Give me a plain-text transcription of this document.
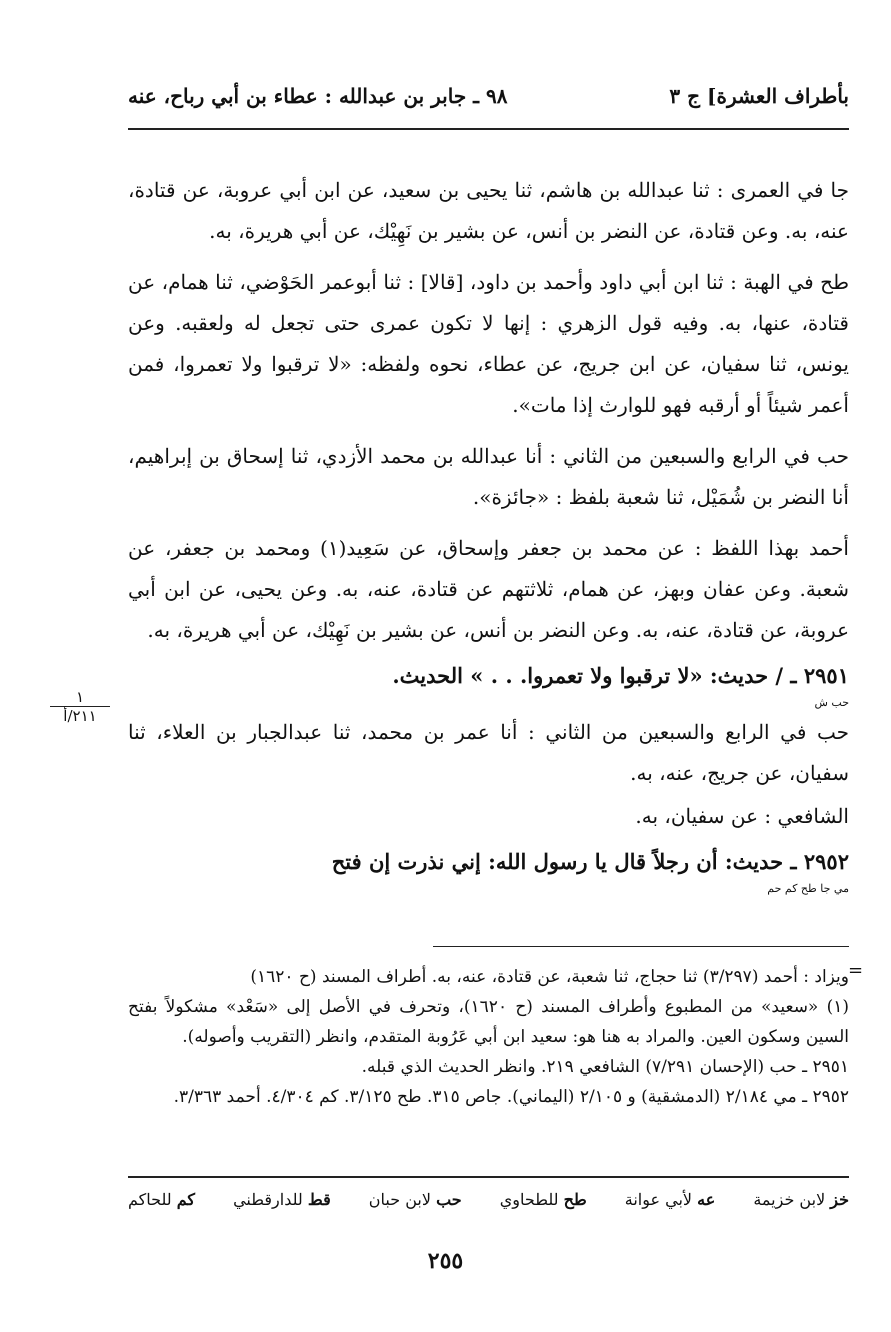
بأطراف العشرة] ج ٣
٩٨ ـ جابر بن عبدالله : عطاء بن أبي رباح، عنه

جا في العمرى : ثنا عبدالله بن هاشم، ثنا يحيى بن سعيد، عن ابن أبي عروبة، عن قتادة، عنه، به. وعن قتادة، عن النضر بن أنس، عن بشير بن نَهِيْك، عن أبي هريرة، به.

طح في الهبة : ثنا ابن أبي داود وأحمد بن داود، [قالا] : ثنا أبوعمر الحَوْضي، ثنا همام، عن قتادة، عنها، به. وفيه قول الزهري : إنها لا تكون عمرى حتى تجعل له ولعقبه. وعن يونس، ثنا سفيان، عن ابن جريج، عن عطاء، نحوه ولفظه: «لا ترقبوا ولا تعمروا، فمن أعمر شيئاً أو أرقبه فهو للوارث إذا مات».

حب في الرابع والسبعين من الثاني : أنا عبدالله بن محمد الأزدي، ثنا إسحاق بن إبراهيم، أنا النضر بن شُمَيْل، ثنا شعبة بلفظ : «جائزة».

أحمد بهذا اللفظ : عن محمد بن جعفر وإسحاق، عن سَعِيد(١) ومحمد بن جعفر، عن شعبة. وعن عفان وبهز، عن همام، ثلاثتهم عن قتادة، عنه، به. وعن يحيى، عن ابن أبي عروبة، عن قتادة، عنه، به. وعن النضر بن أنس، عن بشير بن نَهِيْك، عن أبي هريرة، به.

٢٩٥١ ـ / حديث: «لا ترقبوا ولا تعمروا. . . » الحديث.
حب ش

حب في الرابع والسبعين من الثاني : أنا عمر بن محمد، ثنا عبدالجبار بن العلاء، ثنا سفيان، عن جريج، عنه، به.

الشافعي : عن سفيان، به.

٢٩٥٢ ـ حديث: أن رجلاً قال يا رسول الله: إني نذرت إن فتح
مي جا طح كم حم
١
٢١١/أ
=

ويزاد : أحمد (٣/٢٩٧) ثنا حجاج، ثنا شعبة، عن قتادة، عنه، به. أطراف المسند (ح ١٦٢٠)

(١) «سعيد» من المطبوع وأطراف المسند (ح ١٦٢٠)، وتحرف في الأصل إلى «سَعْد» مشكولاً بفتح السين وسكون العين. والمراد به هنا هو: سعيد ابن أبي عَرُوبة المتقدم، وانظر (التقريب وأصوله).

٢٩٥١ ـ حب (الإحسان ٧/٢٩١) الشافعي ٢١٩. وانظر الحديث الذي قبله.

٢٩٥٢ ـ مي ٢/١٨٤ (الدمشقية) و ٢/١٠٥ (اليماني). جاص ٣١٥. طح ٣/١٢٥. كم ٤/٣٠٤. أحمد ٣/٣٦٣.

خز لابن خزيمة
عه لأبي عوانة
طح للطحاوي
حب لابن حبان
قط للدارقطني
كم للحاكم
٢٥٥
